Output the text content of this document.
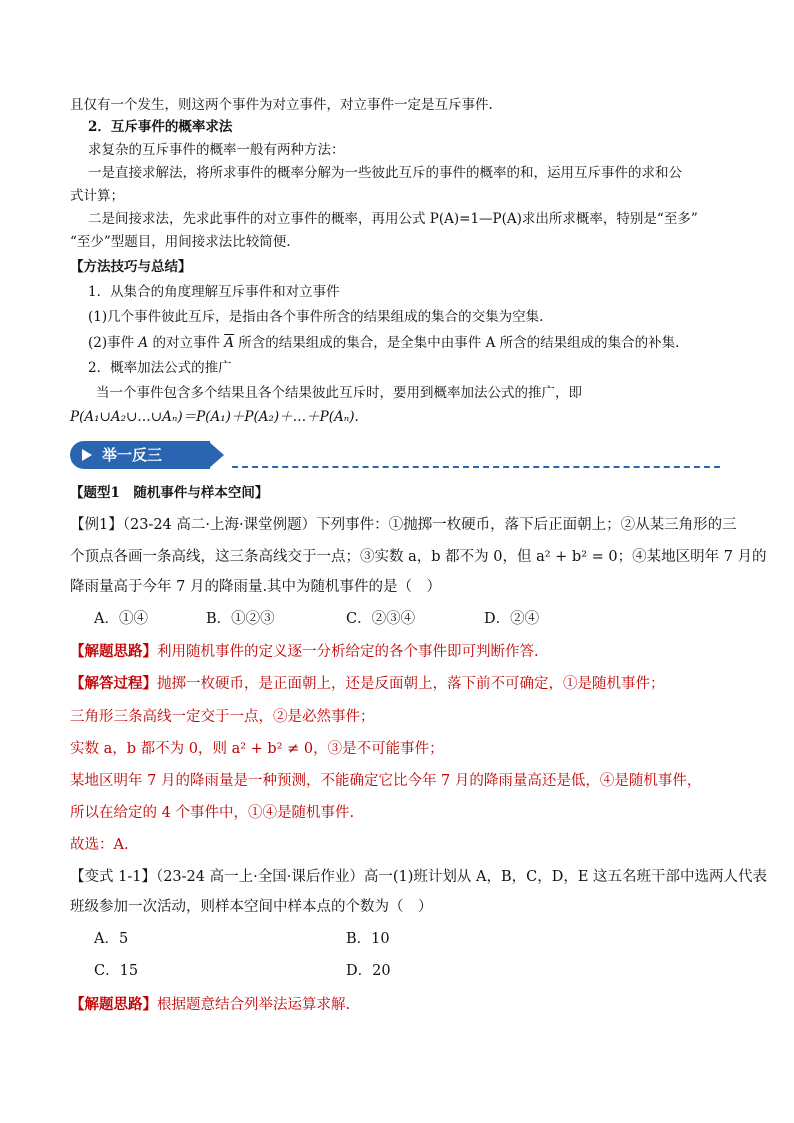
且仅有一个发生，则这两个事件为对立事件，对立事件一定是互斥事件.
2．互斥事件的概率求法
求复杂的互斥事件的概率一般有两种方法：
一是直接求解法，将所求事件的概率分解为一些彼此互斥的事件的概率的和，运用互斥事件的求和公
式计算；
二是间接求法，先求此事件的对立事件的概率，再用公式 P(A)=1—P(A)求出所求概率，特别是“至多”
“至少”型题目，用间接求法比较简便.
【方法技巧与总结】
1．从集合的角度理解互斥事件和对立事件
(1)几个事件彼此互斥，是指由各个事件所含的结果组成的集合的交集为空集.
(2)事件 A 的对立事件 $\overline{A}$ 所含的结果组成的集合，是全集中由事件 A 所含的结果组成的集合的补集.
2．概率加法公式的推广
当一个事件包含多个结果且各个结果彼此互斥时，要用到概率加法公式的推广，即
P(A₁∪A₂∪…∪Aₙ)＝P(A₁)＋P(A₂)＋…＋P(Aₙ).
举一反三
【题型1　随机事件与样本空间】
【例1】（23-24 高二·上海·课堂例题）下列事件：①抛掷一枚硬币，落下后正面朝上；②从某三角形的三
个顶点各画一条高线，这三条高线交于一点；③实数 a，b 都不为 0，但 a² + b² = 0；④某地区明年 7 月的
降雨量高于今年 7 月的降雨量.其中为随机事件的是（　）
A．①④	B．①②③	C．②③④	D．②④
【解题思路】利用随机事件的定义逐一分析给定的各个事件即可判断作答.
【解答过程】抛掷一枚硬币，是正面朝上，还是反面朝上，落下前不可确定，①是随机事件；
三角形三条高线一定交于一点，②是必然事件；
实数 a，b 都不为 0，则 a² + b² ≠ 0，③是不可能事件；
某地区明年 7 月的降雨量是一种预测，不能确定它比今年 7 月的降雨量高还是低，④是随机事件，
所以在给定的 4 个事件中，①④是随机事件.
故选：A.
【变式 1-1】（23-24 高一上·全国·课后作业）高一(1)班计划从 A，B，C，D，E 这五名班干部中选两人代表
班级参加一次活动，则样本空间中样本点的个数为（　）
A．5	B．10
C．15	D．20
【解题思路】根据题意结合列举法运算求解.
